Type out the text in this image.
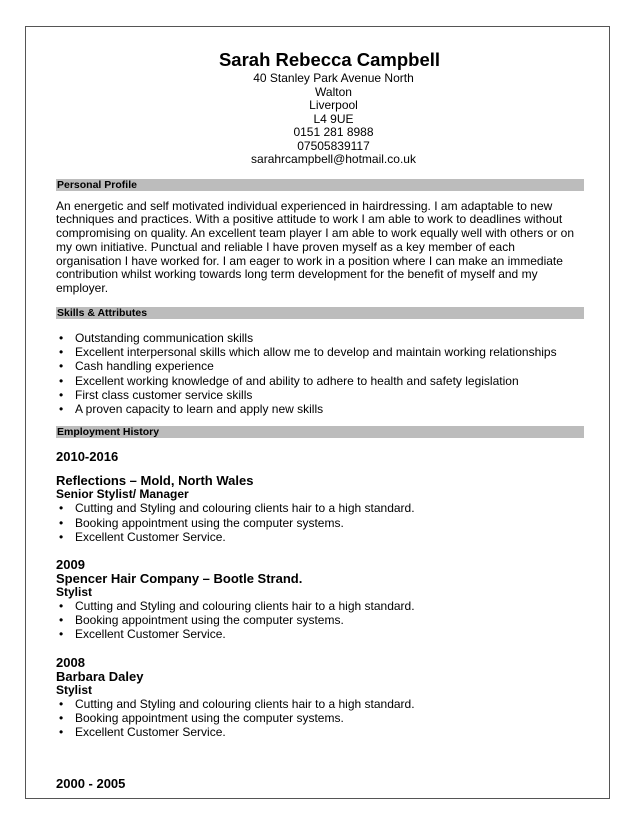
Sarah Rebecca Campbell
40 Stanley Park Avenue North
Walton
Liverpool
L4 9UE
0151 281 8988
07505839117
sarahrcampbell@hotmail.co.uk
Personal Profile

An energetic and self motivated individual experienced in hairdressing. I am adaptable to new techniques and practices. With a positive attitude to work I am able to work to deadlines without compromising on quality. An excellent team player I am able to work equally well with others or on my own initiative. Punctual and reliable I have proven myself as a key member of each organisation I have worked for. I am eager to work in a position where I can make an immediate contribution whilst working towards long term development for the benefit of myself and my employer.

Skills & Attributes
• Outstanding communication skills
• Excellent interpersonal skills which allow me to develop and maintain working relationships
• Cash handling experience
• Excellent working knowledge of and ability to adhere to health and safety legislation
• First class customer service skills
• A proven capacity to learn and apply new skills
Employment History
2010-2016
Reflections – Mold, North Wales
Senior Stylist/ Manager
• Cutting and Styling and colouring clients hair to a high standard.
• Booking appointment using the computer systems.
• Excellent Customer Service.
2009
Spencer Hair Company – Bootle Strand.
Stylist
• Cutting and Styling and colouring clients hair to a high standard.
• Booking appointment using the computer systems.
• Excellent Customer Service.
2008
Barbara Daley
Stylist
• Cutting and Styling and colouring clients hair to a high standard.
• Booking appointment using the computer systems.
• Excellent Customer Service.
2000 - 2005
